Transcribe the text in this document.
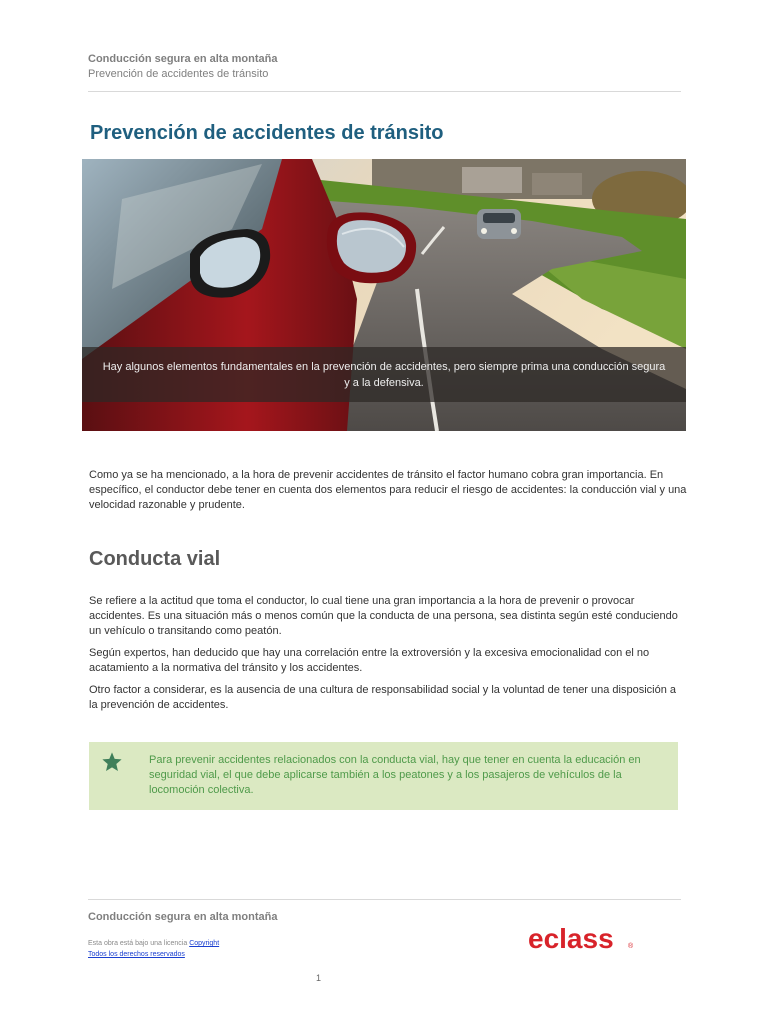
Conducción segura en alta montaña
Prevención de accidentes de tránsito
Prevención de accidentes de tránsito
Hay algunos elementos fundamentales en la prevención de accidentes, pero siempre prima una conducción segura y a la defensiva.

Como ya se ha mencionado, a la hora de prevenir accidentes de tránsito el factor humano cobra gran importancia. En específico, el conductor debe tener en cuenta dos elementos para reducir el riesgo de accidentes: la conducción vial y una velocidad razonable y prudente.

Conducta vial

Se refiere a la actitud que toma el conductor, lo cual tiene una gran importancia a la hora de prevenir o provocar accidentes. Es una situación más o menos común que la conducta de una persona, sea distinta según esté conduciendo un vehículo o transitando como peatón.

Según expertos, han deducido que hay una correlación entre la extroversión y la excesiva emocionalidad con el no acatamiento a la normativa del tránsito y los accidentes.

Otro factor a considerar, es la ausencia de una cultura de responsabilidad social y la voluntad de tener una disposición a la prevención de accidentes.

Para prevenir accidentes relacionados con la conducta vial, hay que tener en cuenta la educación en seguridad vial, el que debe aplicarse también a los peatones y a los pasajeros de vehículos de la locomoción colectiva.
Conducción segura en alta montaña
Esta obra está bajo una licencia Copyright
Todos los derechos reservados
eclass ®
1
